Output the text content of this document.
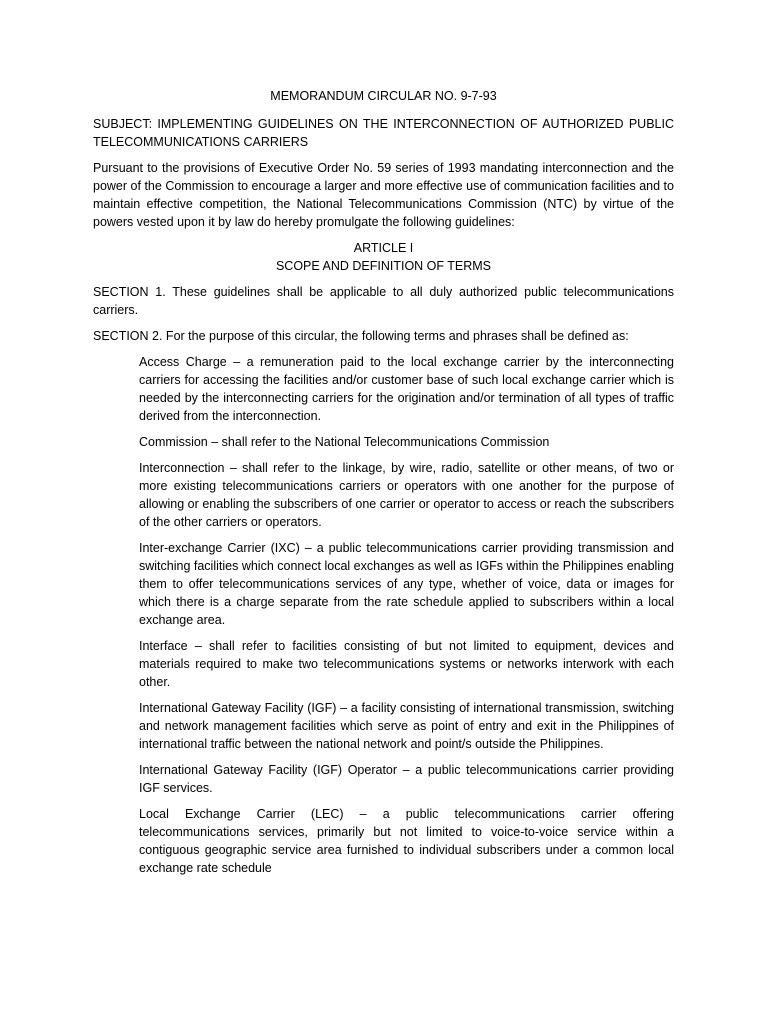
MEMORANDUM CIRCULAR NO. 9-7-93

SUBJECT: IMPLEMENTING GUIDELINES ON THE INTERCONNECTION OF AUTHORIZED PUBLIC TELECOMMUNICATIONS CARRIERS

Pursuant to the provisions of Executive Order No. 59 series of 1993 mandating interconnection and the power of the Commission to encourage a larger and more effective use of communication facilities and to maintain effective competition, the National Telecommunications Commission (NTC) by virtue of the powers vested upon it by law do hereby promulgate the following guidelines:

ARTICLE I
SCOPE AND DEFINITION OF TERMS

SECTION 1. These guidelines shall be applicable to all duly authorized public telecommunications carriers.

SECTION 2. For the purpose of this circular, the following terms and phrases shall be defined as:

Access Charge – a remuneration paid to the local exchange carrier by the interconnecting carriers for accessing the facilities and/or customer base of such local exchange carrier which is needed by the interconnecting carriers for the origination and/or termination of all types of traffic derived from the interconnection.

Commission – shall refer to the National Telecommunications Commission

Interconnection – shall refer to the linkage, by wire, radio, satellite or other means, of two or more existing telecommunications carriers or operators with one another for the purpose of allowing or enabling the subscribers of one carrier or operator to access or reach the subscribers of the other carriers or operators.

Inter-exchange Carrier (IXC) – a public telecommunications carrier providing transmission and switching facilities which connect local exchanges as well as IGFs within the Philippines enabling them to offer telecommunications services of any type, whether of voice, data or images for which there is a charge separate from the rate schedule applied to subscribers within a local exchange area.

Interface – shall refer to facilities consisting of but not limited to equipment, devices and materials required to make two telecommunications systems or networks interwork with each other.

International Gateway Facility (IGF) – a facility consisting of international transmission, switching and network management facilities which serve as point of entry and exit in the Philippines of international traffic between the national network and point/s outside the Philippines.

International Gateway Facility (IGF) Operator – a public telecommunications carrier providing IGF services.

Local Exchange Carrier (LEC) – a public telecommunications carrier offering telecommunications services, primarily but not limited to voice-to-voice service within a contiguous geographic service area furnished to individual subscribers under a common local exchange rate schedule
